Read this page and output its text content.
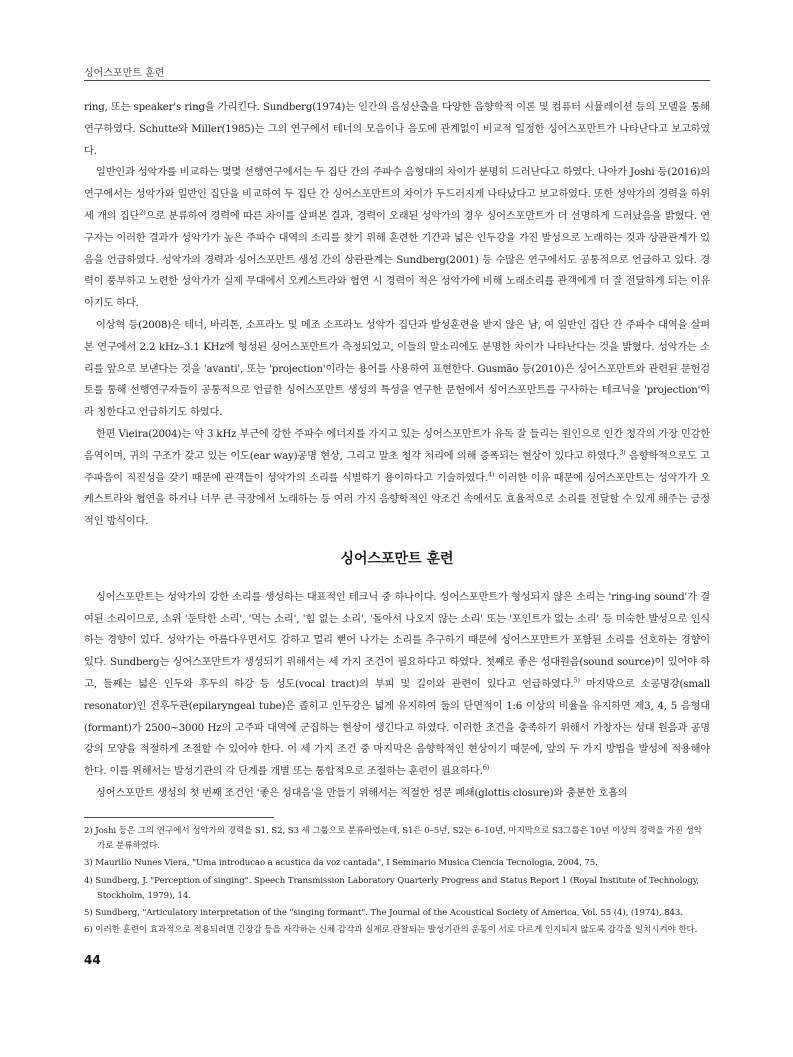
싱어스포만트 훈련

ring, 또는 speaker's ring을 가리킨다. Sundberg(1974)는 인간의 음성산출을 다양한 음향학적 이론 및 컴퓨터 시뮬레이션 등의 모델을 통해 연구하였다. Schutte와 Miller(1985)는 그의 연구에서 테너의 모음이나 음도에 관계없이 비교적 일정한 싱어스포만트가 나타난다고 보고하였다.

일반인과 성악가를 비교하는 몇몇 선행연구에서는 두 집단 간의 주파수 음형대의 차이가 분명히 드러난다고 하였다. 나아가 Joshi 등(2016)의 연구에서는 성악가와 일반인 집단을 비교하여 두 집단 간 싱어스포만트의 차이가 두드러지게 나타났다고 보고하였다. 또한 성악가의 경력을 하위 세 개의 집단$^{2)}$으로 분류하여 경력에 따른 차이를 살펴본 결과, 경력이 오래된 성악가의 경우 싱어스포만트가 더 선명하게 드러났음을 밝혔다. 연구자는 이러한 결과가 성악가가 높은 주파수 대역의 소리를 찾기 위해 훈련한 기간과 넓은 인두강을 가진 발성으로 노래하는 것과 상관관계가 있음을 언급하였다. 성악가의 경력과 싱어스포만트 생성 간의 상관관계는 Sundberg(2001) 등 수많은 연구에서도 공통적으로 언급하고 있다. 경력이 풍부하고 노련한 성악가가 실제 무대에서 오케스트라와 협연 시 경력이 적은 성악가에 비해 노래소리를 관객에게 더 잘 전달하게 되는 이유이기도 하다.

이상혁 등(2008)은 테너, 바리톤, 소프라노 및 메조 소프라노 성악가 집단과 발성훈련을 받지 않은 남, 여 일반인 집단 간 주파수 대역을 살펴본 연구에서 2.2 kHz–3.1 KHz에 형성된 싱어스포만트가 측정되었고, 이들의 말소리에도 분명한 차이가 나타난다는 것을 밝혔다. 성악가는 소리를 앞으로 보낸다는 것을 'avanti', 또는 'projection'이라는 용어를 사용하여 표현한다. Gusmão 등(2010)은 싱어스포만트와 관련된 문헌검토를 통해 선행연구자들이 공통적으로 언급한 싱어스포만트 생성의 특성을 연구한 문헌에서 싱어스포만트를 구사하는 테크닉을 'projection'이라 칭한다고 언급하기도 하였다.

한편 Vieira(2004)는 약 3 kHz 부근에 강한 주파수 에너지를 가지고 있는 싱어스포만트가 유독 잘 들리는 원인으로 인간 청각의 가장 민감한 음역이며, 귀의 구조가 갖고 있는 이도(ear way)공명 현상, 그리고 말초 청각 처리에 의해 증폭되는 현상이 있다고 하였다.$^{3)}$ 음향학적으로도 고주파음이 직진성을 갖기 때문에 관객들이 성악가의 소리를 식별하기 용이하다고 기술하였다.$^{4)}$ 이러한 이유 때문에 싱어스포만트는 성악가가 오케스트라와 협연을 하거나 너무 큰 극장에서 노래하는 등 여러 가지 음향학적인 악조건 속에서도 효율적으로 소리를 전달할 수 있게 해주는 긍정적인 방식이다.

싱어스포만트 훈련

싱어스포만트는 성악가의 강한 소리를 생성하는 대표적인 테크닉 중 하나이다. 싱어스포만트가 형성되지 않은 소리는 'ring-ing sound'가 결여된 소리이므로, 소위 '둔탁한 소리', '먹는 소리', '힘 없는 소리', '돌아서 나오지 않는 소리' 또는 '포인트가 없는 소리' 등 미숙한 발성으로 인식하는 경향이 있다. 성악가는 아름다우면서도 강하고 멀리 뻗어 나가는 소리를 추구하기 때문에 싱어스포만트가 포함된 소리를 선호하는 경향이 있다. Sundberg는 싱어스포만트가 생성되기 위해서는 세 가지 조건이 필요하다고 하였다. 첫째로 좋은 성대원음(sound source)이 있어야 하고, 둘째는 넓은 인두와 후두의 하강 등 성도(vocal tract)의 부피 및 길이와 관련이 있다고 언급하였다.$^{5)}$ 마지막으로 소공명강(small resonator)인 전후두관(epilaryngeal tube)은 좁히고 인두강은 넓게 유지하여 둘의 단면적이 1:6 이상의 비율을 유지하면 제3, 4, 5 음형대(formant)가 2500~3000 Hz의 고주파 대역에 군집하는 현상이 생긴다고 하였다. 이러한 조건을 충족하기 위해서 가창자는 성대 원음과 공명강의 모양을 적절하게 조절할 수 있어야 한다. 이 세 가지 조건 중 마지막은 음향학적인 현상이기 때문에, 앞의 두 가지 방법을 발성에 적용해야 한다. 이를 위해서는 발성기관의 각 단계를 개별 또는 통합적으로 조절하는 훈련이 필요하다.$^{6)}$

싱어스포만트 생성의 첫 번째 조건인 '좋은 성대음'을 만들기 위해서는 적절한 성문 폐쇄(glottis closure)와 충분한 호흡의

2) Joshi 등은 그의 연구에서 성악가의 경력을 S1, S2, S3 세 그룹으로 분류하였는데, S1은 0–5년, S2는 6–10년, 마지막으로 S3그룹은 10년 이상의 경력을 가진 성악가로 분류하였다.
3) Maurilio Nunes Viera, "Uma introducao a acustica da voz cantada", I Seminario Musica Ciencia Tecnologia, 2004, 75.
4) Sundberg, J. "Perception of singing". Speech Transmission Laboratory Quarterly Progress and Status Report 1 (Royal Institute of Technology, Stockholm, 1979), 14.
5) Sundberg, "Articulatory interpretation of the "singing formant". The Journal of the Acoustical Society of America, Vol. 55 (4), (1974), 843.
6) 이러한 훈련이 효과적으로 적용되려면 긴장감 등을 자각하는 신체 감각과 실제로 관찰되는 발성기관의 운동이 서로 다르게 인지되지 않도록 감각을 일치시켜야 한다.
44
